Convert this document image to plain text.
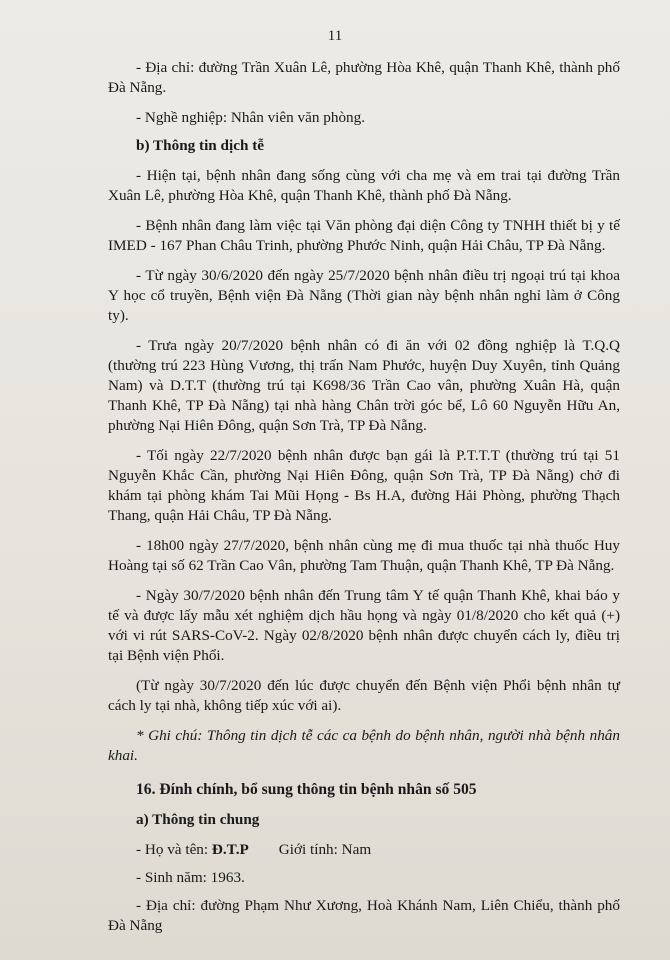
11

- Địa chỉ: đường Trần Xuân Lê, phường Hòa Khê, quận Thanh Khê, thành phố Đà Nẵng.

- Nghề nghiệp: Nhân viên văn phòng.

b) Thông tin dịch tễ

- Hiện tại, bệnh nhân đang sống cùng với cha mẹ và em trai tại đường Trần Xuân Lê, phường Hòa Khê, quận Thanh Khê, thành phố Đà Nẵng.

- Bệnh nhân đang làm việc tại Văn phòng đại diện Công ty TNHH thiết bị y tế IMED - 167 Phan Châu Trinh, phường Phước Ninh, quận Hải Châu, TP Đà Nẵng.

- Từ ngày 30/6/2020 đến ngày 25/7/2020 bệnh nhân điều trị ngoại trú tại khoa Y học cổ truyền, Bệnh viện Đà Nẵng (Thời gian này bệnh nhân nghỉ làm ở Công ty).

- Trưa ngày 20/7/2020 bệnh nhân có đi ăn với 02 đồng nghiệp là T.Q.Q (thường trú 223 Hùng Vương, thị trấn Nam Phước, huyện Duy Xuyên, tỉnh Quảng Nam) và D.T.T (thường trú tại K698/36 Trần Cao vân, phường Xuân Hà, quận Thanh Khê, TP Đà Nẵng) tại nhà hàng Chân trời góc bể, Lô 60 Nguyễn Hữu An, phường Nại Hiên Đông, quận Sơn Trà, TP Đà Nẵng.

- Tối ngày 22/7/2020 bệnh nhân được bạn gái là P.T.T.T (thường trú tại 51 Nguyễn Khắc Cần, phường Nại Hiên Đông, quận Sơn Trà, TP Đà Nẵng) chở đi khám tại phòng khám Tai Mũi Họng - Bs H.A, đường Hải Phòng, phường Thạch Thang, quận Hải Châu, TP Đà Nẵng.

- 18h00 ngày 27/7/2020, bệnh nhân cùng mẹ đi mua thuốc tại nhà thuốc Huy Hoàng tại số 62 Trần Cao Vân, phường Tam Thuận, quận Thanh Khê, TP Đà Nẵng.

- Ngày 30/7/2020 bệnh nhân đến Trung tâm Y tế quận Thanh Khê, khai báo y tế và được lấy mẫu xét nghiệm dịch hầu họng và ngày 01/8/2020 cho kết quả (+) với vi rút SARS-CoV-2. Ngày 02/8/2020 bệnh nhân được chuyển cách ly, điều trị tại Bệnh viện Phổi.

(Từ ngày 30/7/2020 đến lúc được chuyển đến Bệnh viện Phổi bệnh nhân tự cách ly tại nhà, không tiếp xúc với ai).

* Ghi chú: Thông tin dịch tễ các ca bệnh do bệnh nhân, người nhà bệnh nhân khai.

16. Đính chính, bổ sung thông tin bệnh nhân số 505

a) Thông tin chung

- Họ và tên: Đ.T.P Giới tính: Nam

- Sinh năm: 1963.

- Địa chỉ: đường Phạm Như Xương, Hoà Khánh Nam, Liên Chiểu, thành phố Đà Nẵng
